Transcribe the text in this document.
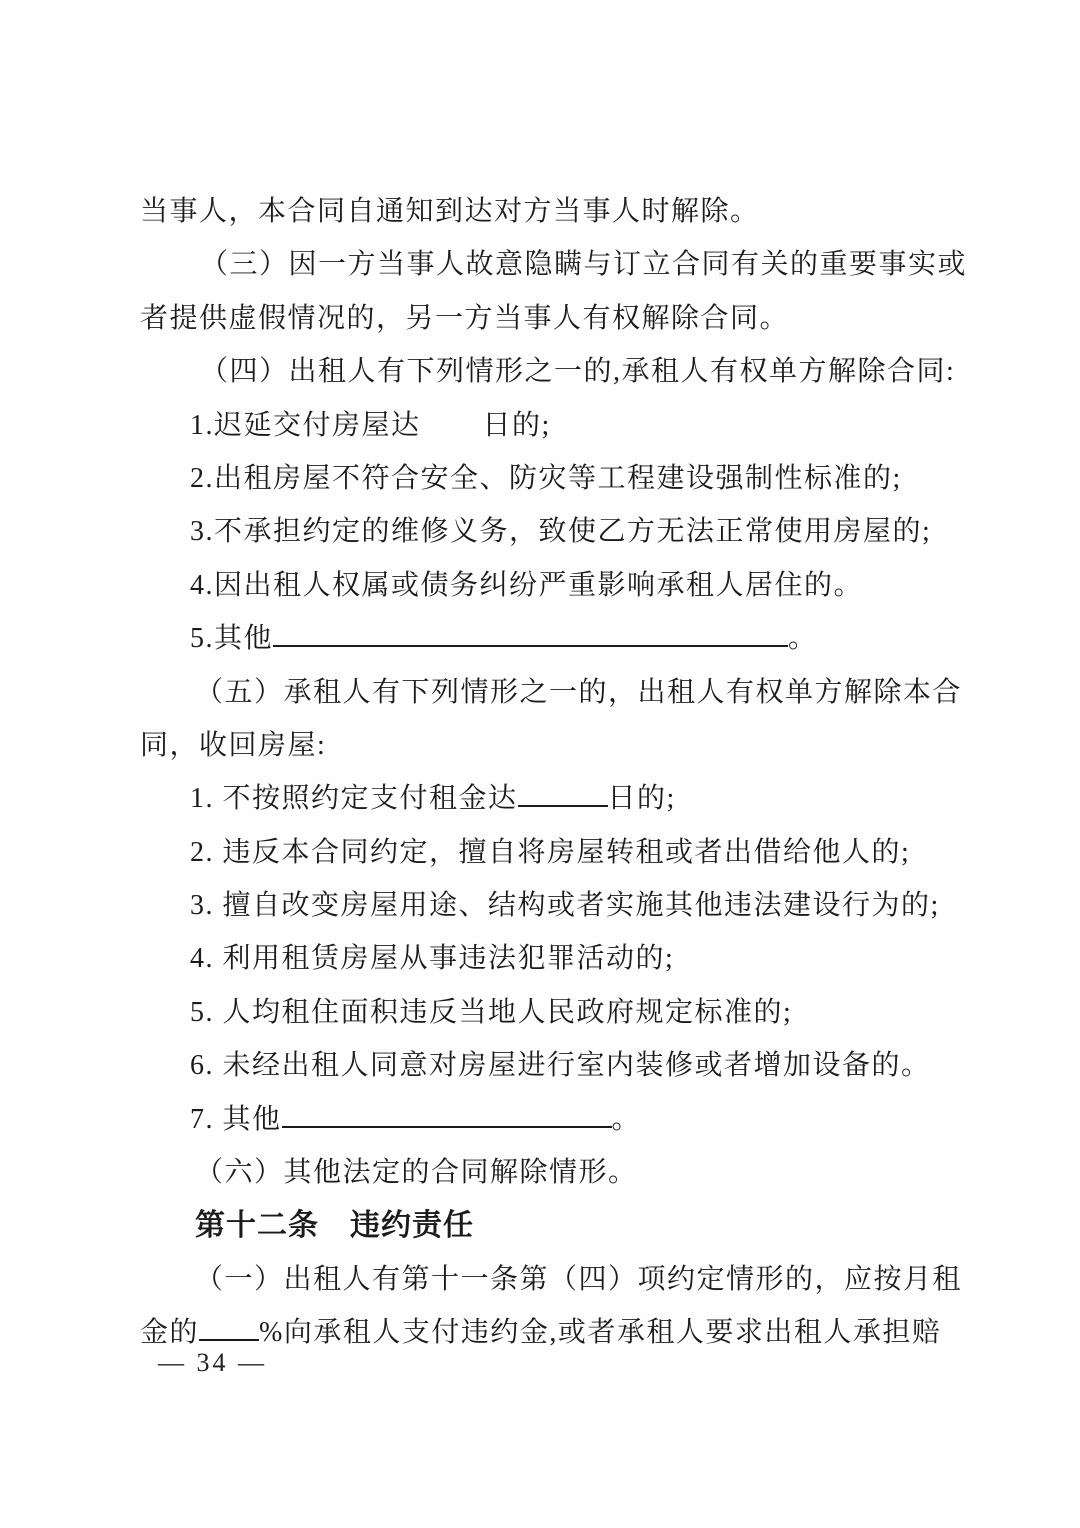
当事人，本合同自通知到达对方当事人时解除。
（三）因一方当事人故意隐瞒与订立合同有关的重要事实或
者提供虚假情况的，另一方当事人有权解除合同。
（四）出租人有下列情形之一的,承租人有权单方解除合同:
1.迟延交付房屋达 日的;
2.出租房屋不符合安全、防灾等工程建设强制性标准的;
3.不承担约定的维修义务，致使乙方无法正常使用房屋的;
4.因出租人权属或债务纠纷严重影响承租人居住的。
5.其他	。
（五）承租人有下列情形之一的，出租人有权单方解除本合
同，收回房屋:
1. 不按照约定支付租金达	日的;
2. 违反本合同约定，擅自将房屋转租或者出借给他人的;
3. 擅自改变房屋用途、结构或者实施其他违法建设行为的;
4. 利用租赁房屋从事违法犯罪活动的;
5. 人均租住面积违反当地人民政府规定标准的;
6. 未经出租人同意对房屋进行室内装修或者增加设备的。
7. 其他	。
（六）其他法定的合同解除情形。
第十二条　违约责任
（一）出租人有第十一条第（四）项约定情形的，应按月租
金的 %向承租人支付违约金,或者承租人要求出租人承担赔
— 34 —
